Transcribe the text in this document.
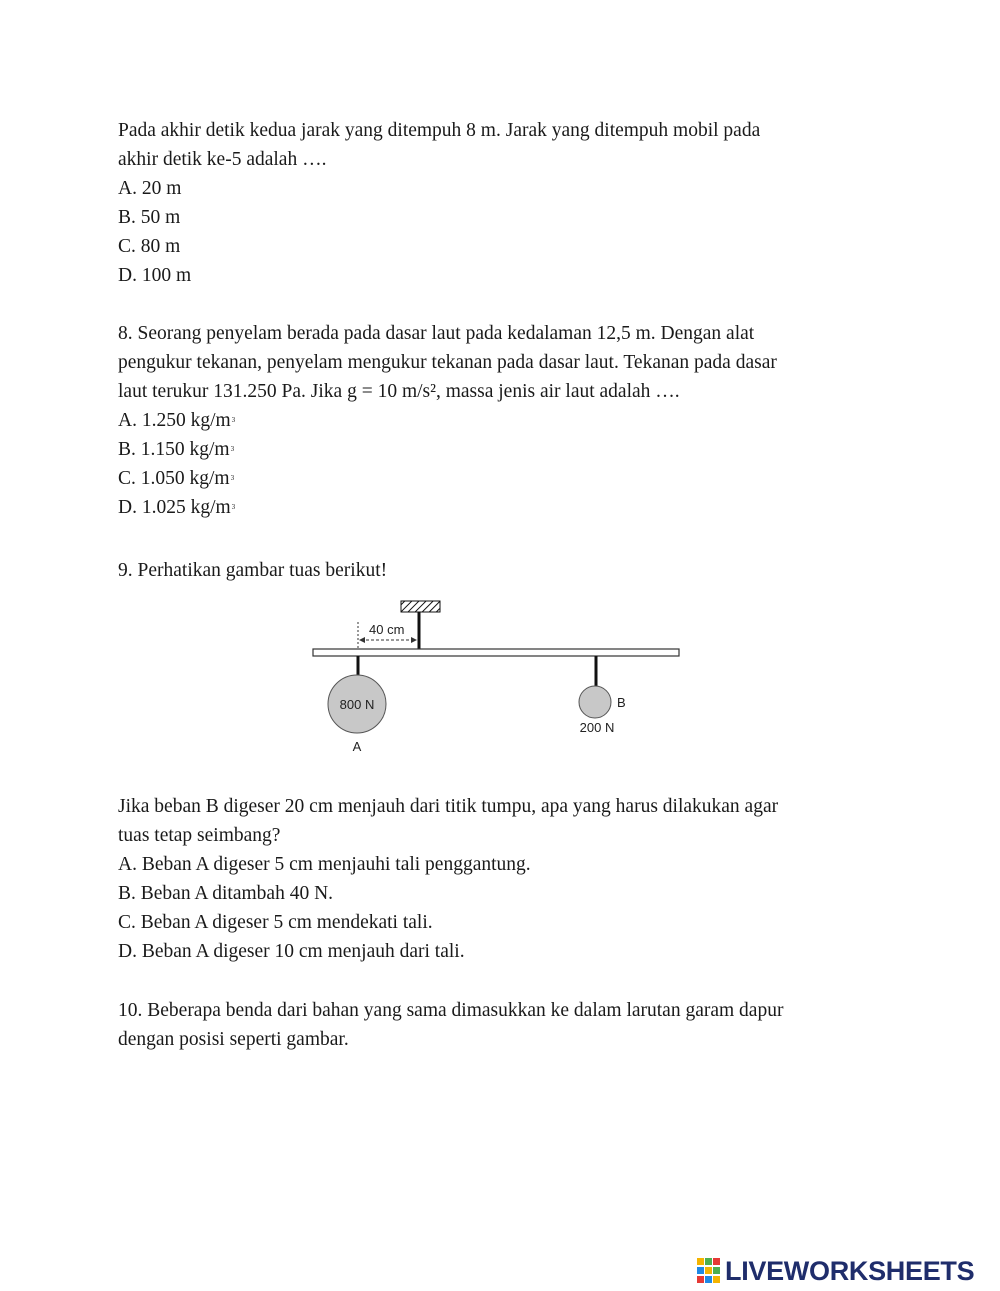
Pada akhir detik kedua jarak yang ditempuh 8 m. Jarak yang ditempuh mobil pada
akhir detik ke-5 adalah ….
A. 20 m
B. 50 m
C. 80 m
D. 100 m
8. Seorang penyelam berada pada dasar laut pada kedalaman 12,5 m. Dengan alat
pengukur tekanan, penyelam mengukur tekanan pada dasar laut. Tekanan pada dasar
laut terukur 131.250 Pa. Jika g = 10 m/s², massa jenis air laut adalah ….
A. 1.250 $kg/m^3$
B. 1.150 $kg/m^3$
C. 1.050 $kg/m^3$
D. 1.025 $kg/m^3$
9. Perhatikan gambar tuas berikut!
40 cm
800 N
A
B
200 N
Jika beban B digeser 20 cm menjauh dari titik tumpu, apa yang harus dilakukan agar
tuas tetap seimbang?
A. Beban A digeser 5 cm menjauhi tali penggantung.
B. Beban A ditambah 40 N.
C. Beban A digeser 5 cm mendekati tali.
D. Beban A digeser 10 cm menjauh dari tali.
10. Beberapa benda dari bahan yang sama dimasukkan ke dalam larutan garam dapur
dengan posisi seperti gambar.
LIVEWORKSHEETS
